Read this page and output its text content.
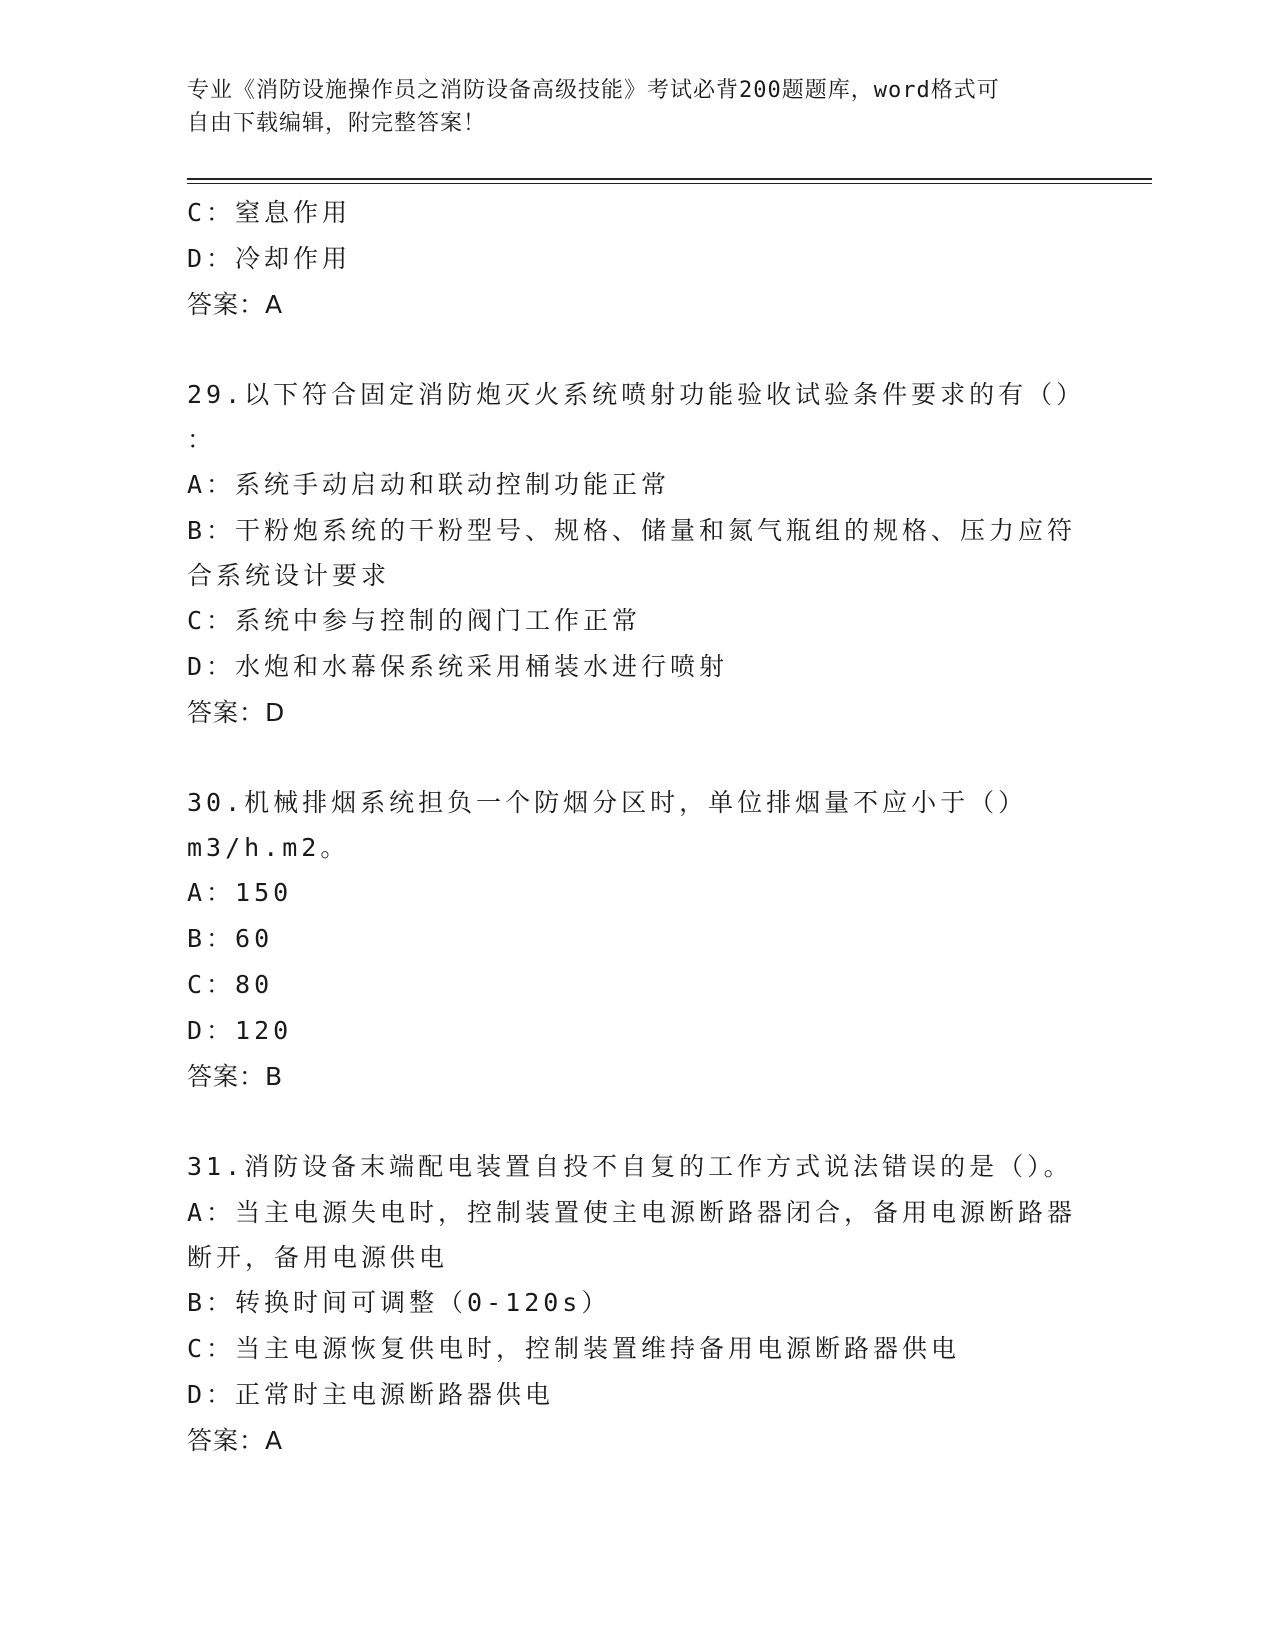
专业《消防设施操作员之消防设备高级技能》考试必背200题题库，word格式可
自由下载编辑，附完整答案！
C：窒息作用
D：冷却作用
答案：A
29.以下符合固定消防炮灭火系统喷射功能验收试验条件要求的有（）
：
A：系统手动启动和联动控制功能正常
B：干粉炮系统的干粉型号、规格、储量和氮气瓶组的规格、压力应符
合系统设计要求
C：系统中参与控制的阀门工作正常
D：水炮和水幕保系统采用桶装水进行喷射
答案：D
30.机械排烟系统担负一个防烟分区时，单位排烟量不应小于（）
m3/h.m2。
A：150
B：60
C：80
D：120
答案：B
31.消防设备末端配电装置自投不自复的工作方式说法错误的是（）。
A：当主电源失电时，控制装置使主电源断路器闭合，备用电源断路器
断开，备用电源供电
B：转换时间可调整（0-120s）
C：当主电源恢复供电时，控制装置维持备用电源断路器供电
D：正常时主电源断路器供电
答案：A
